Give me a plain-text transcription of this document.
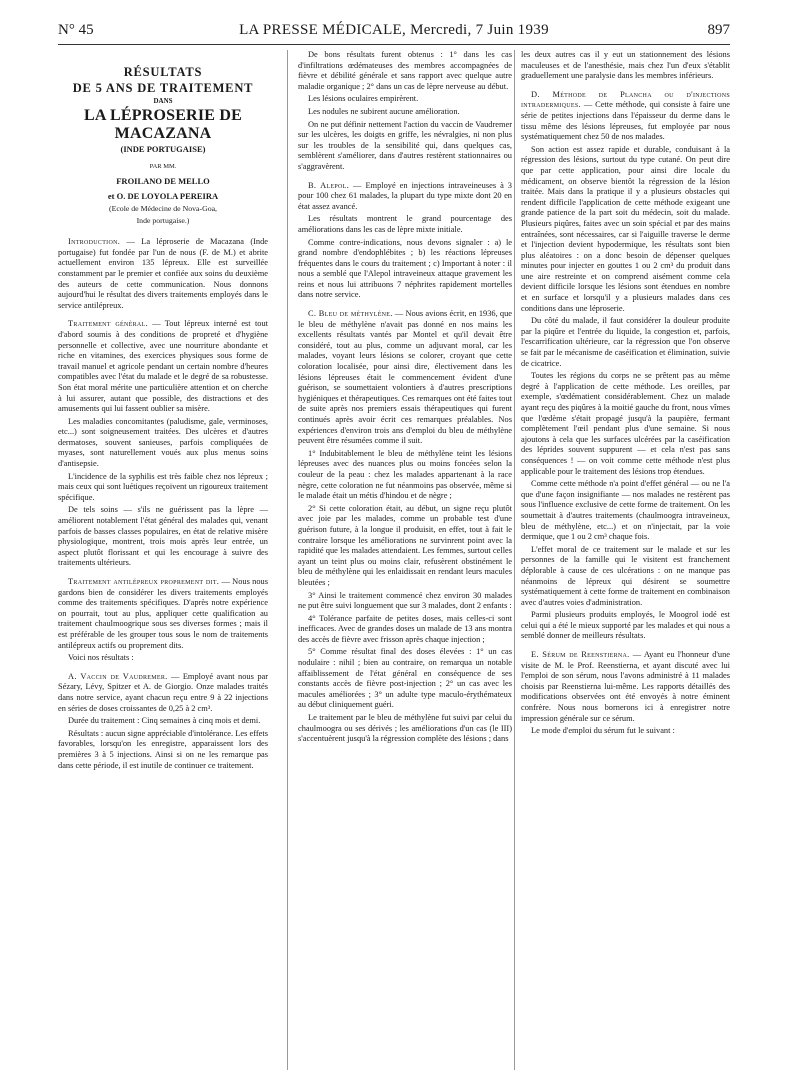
N° 45	LA PRESSE MÉDICALE, Mercredi, 7 Juin 1939	897
RÉSULTATS
DE 5 ANS DE TRAITEMENT
DANS
LA LÉPROSERIE DE MACAZANA
(INDE PORTUGAISE)
PAR MM.
FROILANO DE MELLO
et O. DE LOYOLA PEREIRA
(Ecole de Médecine de Nova-Goa,
Inde portugaise.)

Introduction. — La léproserie de Macazana (Inde portugaise) fut fondée par l'un de nous (F. de M.) et abrite actuellement environ 135 lépreux. Elle est surveillée constamment par le premier et confiée aux soins du deuxième des auteurs de cette communication. Nous donnons aujourd'hui le résultat des divers traitements employés dans le service antilépreux.

Traitement général. — Tout lépreux interné est tout d'abord soumis à des conditions de propreté et d'hygiène personnelle et collective, avec une nourriture abondante et riche en vitamines, des exercices physiques sous forme de travail manuel et agricole pendant un certain nombre d'heures compatibles avec l'état du malade et le degré de sa robustesse. Son état moral mérite une particulière attention et on cherche à lui assurer, autant que possible, des distractions et des amusements qui lui fassent oublier sa misère.

Les maladies concomitantes (paludisme, gale, verminoses, etc...) sont soigneusement traitées. Des ulcères et d'autres dermatoses, souvent sanieuses, parfois compliquées de myases, sont naturellement voués aux plus menus soins d'antisepsie.

L'incidence de la syphilis est très faible chez nos lépreux ; mais ceux qui sont luétiques reçoivent un rigoureux traitement spécifique.

De tels soins — s'ils ne guérissent pas la lèpre — améliorent notablement l'état général des malades qui, venant parfois de basses classes populaires, en état de relative misère physiologique, montrent, trois mois après leur entrée, un aspect plutôt florissant et qui les encourage à suivre des traitements ultérieurs.

Traitement antilépreux proprement dit. — Nous nous gardons bien de considérer les divers traitements employés comme des traitements spécifiques. D'après notre expérience on pourrait, tout au plus, appliquer cette qualification au traitement chaulmoogrique sous ses diverses formes ; mais il est préférable de les grouper tous sous le nom de traitements antilépreux actifs ou proprement dits.

Voici nos résultats :

A. Vaccin de Vaudremer. — Employé avant nous par Sézary, Lévy, Spitzer et A. de Giorgio. Onze malades traités dans notre service, ayant chacun reçu entre 9 à 22 injections en séries de doses croissantes de 0,25 à 2 cm³.

Durée du traitement : Cinq semaines à cinq mois et demi.

Résultats : aucun signe appréciable d'intolérance. Les effets favorables, lorsqu'on les enregistre, apparaissent lors des premières 3 à 5 injections. Ainsi si on ne les remarque pas dans cette période, il est inutile de continuer ce traitement.

De bons résultats furent obtenus : 1° dans les cas d'infiltrations œdémateuses des membres accompagnées de fièvre et débilité générale et sans rapport avec quelque autre maladie organique ; 2° dans un cas de lèpre nerveuse au début.

Les lésions oculaires empirèrent.

Les nodules ne subirent aucune amélioration.

On ne put définir nettement l'action du vaccin de Vaudremer sur les ulcères, les doigts en griffe, les névralgies, ni non plus sur les troubles de la sensibilité qui, dans quelques cas, semblèrent s'améliorer, dans d'autres restèrent stationnaires ou s'aggravèrent.

B. Alepol. — Employé en injections intraveineuses à 3 pour 100 chez 61 malades, la plupart du type mixte dont 20 en état assez avancé.

Les résultats montrent le grand pourcentage des améliorations dans les cas de lèpre mixte initiale.

Comme contre-indications, nous devons signaler : a) le grand nombre d'endophlébites ; b) les réactions lépreuses fréquentes dans le cours du traitement ; c) Important à noter : il nous a semblé que l'Alepol intraveineux attaque gravement les reins et nous lui attribuons 7 néphrites rapidement mortelles dans notre service.

C. Bleu de méthylène. — Nous avions écrit, en 1936, que le bleu de méthylène n'avait pas donné en nos mains les excellents résultats vantés par Montel et qu'il devait être considéré, tout au plus, comme un adjuvant moral, car les malades, voyant leurs lésions se colorer, croyant que cette coloration localisée, pour ainsi dire, électivement dans les lésions lépreuses était le commencement évident d'une guérison, se soumettaient volontiers à d'autres prescriptions hygiéniques et thérapeutiques. Ces remarques ont été faites tout de suite après nos premiers essais thérapeutiques qui furent continués après avoir écrit ces remarques préalables. Nos expériences d'environ trois ans d'emploi du bleu de méthylène peuvent être résumées comme il suit.

1° Indubitablement le bleu de méthylène teint les lésions lépreuses avec des nuances plus ou moins foncées selon la couleur de la peau : chez les malades appartenant à la race nègre, cette coloration ne fut néanmoins pas observée, même si le malade était un métis d'hindou et de nègre ;

2° Si cette coloration était, au début, un signe reçu plutôt avec joie par les malades, comme un probable test d'une guérison future, à la longue il produisit, en effet, tout à fait le contraire lorsque les améliorations ne survinrent point avec la rapidité que les malades attendaient. Les femmes, surtout celles ayant un teint plus ou moins clair, refusèrent obstinément le bleu de méthylène qui les enlaidissait en rendant leurs macules bleutées ;

3° Ainsi le traitement commencé chez environ 30 malades ne put être suivi longuement que sur 3 malades, dont 2 enfants :

4° Tolérance parfaite de petites doses, mais celles-ci sont inefficaces. Avec de grandes doses un malade de 13 ans montra des accès de fièvre avec frisson après chaque injection ;

5° Comme résultat final des doses élevées : 1° un cas nodulaire : nihil ; bien au contraire, on remarqua un notable affaiblissement de l'état général en conséquence de ses constants accès de fièvre post-injection ; 2° un cas avec les macules améliorées ; 3° un adulte type maculo-érythémateux au début cliniquement guéri.

Le traitement par le bleu de méthylène fut suivi par celui du chaulmoogra ou ses dérivés ; les améliorations d'un cas (le III) s'accentuèrent jusqu'à la régression complète des lésions ; dans

les deux autres cas il y eut un stationnement des lésions maculeuses et de l'anesthésie, mais chez l'un d'eux s'établit graduellement une paralysie dans les membres inférieurs.

D. Méthode de Plancha ou d'injections intradermiques. — Cette méthode, qui consiste à faire une série de petites injections dans l'épaisseur du derme dans le tissu même des lésions lépreuses, fut employée par nous systématiquement chez 50 de nos malades.

Son action est assez rapide et durable, conduisant à la régression des lésions, surtout du type cutané. On peut dire que par cette application, pour ainsi dire locale du médicament, on observe bientôt la régression de la lésion traitée. Mais dans la pratique il y a plusieurs obstacles qui rendent difficile l'application de cette méthode exigeant une grande patience de la part soit du médecin, soit du malade. Plusieurs piqûres, faites avec un soin spécial et par des mains entraînées, sont nécessaires, car si l'aiguille traverse le derme et l'injection devient hypodermique, les résultats sont bien plus aléatoires : on a donc besoin de dépenser quelques minutes pour injecter en gouttes 1 ou 2 cm³ du produit dans une aire restreinte et on comprend aisément comme cela devient difficile lorsque les lésions sont étendues en nombre et en surface et lorsqu'il y a plusieurs malades dans ces conditions dans une léproserie.

Du côté du malade, il faut considérer la douleur produite par la piqûre et l'entrée du liquide, la congestion et, parfois, l'escarrification ultérieure, car la régression que l'on observe se fait par le mécanisme de caséification et élimination, suivie de cicatrice.

Toutes les régions du corps ne se prêtent pas au même degré à l'application de cette méthode. Les oreilles, par exemple, s'œdématient considérablement. Chez un malade ayant reçu des piqûres à la moitié gauche du front, nous vîmes que l'œdème s'était propagé jusqu'à la paupière, fermant complètement l'œil pendant plus d'une semaine. Si nous ajoutons à cela que les surfaces ulcérées par la caséification des léprides souvent suppurent — et cela n'est pas sans conséquences ! — on voit comme cette méthode n'est plus applicable pour le traitement des lésions trop étendues.

Comme cette méthode n'a point d'effet général — ou ne l'a que d'une façon insignifiante — nos malades ne restèrent pas sous l'influence exclusive de cette forme de traitement. On les soumettait à d'autres traitements (chaulmoogra intraveineux, bleu de méthylène, etc...) et on n'injectait, par la voie dermique, que 1 ou 2 cm³ chaque fois.

L'effet moral de ce traitement sur le malade et sur les personnes de la famille qui le visitent est franchement déplorable à cause de ces ulcérations : on ne manque pas néanmoins de lépreux qui désirent se soumettre systématiquement à cette forme de traitement en combinaison avec d'autres voies d'administration.

Parmi plusieurs produits employés, le Moogrol iodé est celui qui a été le mieux supporté par les malades et qui nous a semblé donner de meilleurs résultats.

E. Sérum de Reenstierna. — Ayant eu l'honneur d'une visite de M. le Prof. Reenstierna, et ayant discuté avec lui l'emploi de son sérum, nous l'avons administré à 11 malades choisis par Reenstierna lui-même. Les rapports détaillés des modifications observées ont été envoyés à notre éminent confrère. Nous nous bornerons ici à enregistrer notre impression générale sur ce sérum.

Le mode d'emploi du sérum fut le suivant :
